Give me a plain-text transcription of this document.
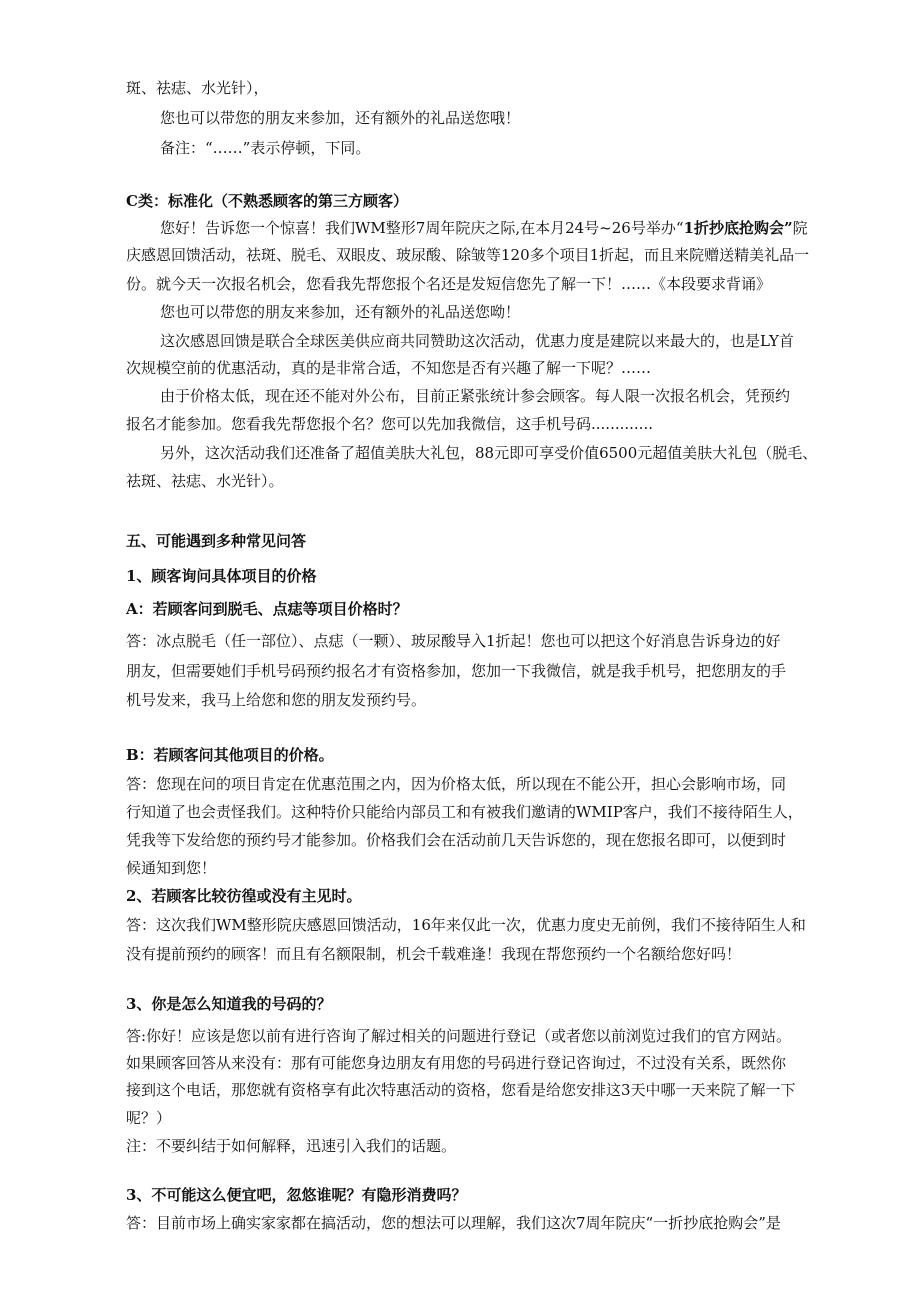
斑、祛痣、水光针），
您也可以带您的朋友来参加，还有额外的礼品送您哦！
备注：“……”表示停顿，下同。
C类：标准化（不熟悉顾客的第三方顾客）
您好！告诉您一个惊喜！我们WM整形7周年院庆之际,在本月24号~26号举办“1折抄底抢购会”院
庆感恩回馈活动，祛斑、脱毛、双眼皮、玻尿酸、除皱等120多个项目1折起，而且来院赠送精美礼品一
份。就今天一次报名机会，您看我先帮您报个名还是发短信您先了解一下！……《本段要求背诵》
您也可以带您的朋友来参加，还有额外的礼品送您呦！
这次感恩回馈是联合全球医美供应商共同赞助这次活动，优惠力度是建院以来最大的，也是LY首
次规模空前的优惠活动，真的是非常合适，不知您是否有兴趣了解一下呢？……
由于价格太低，现在还不能对外公布，目前正紧张统计参会顾客。每人限一次报名机会，凭预约
报名才能参加。您看我先帮您报个名？您可以先加我微信，这手机号码.............
另外，这次活动我们还准备了超值美肤大礼包，88元即可享受价值6500元超值美肤大礼包（脱毛、
祛斑、祛痣、水光针）。
五、可能遇到多种常见问答
1、顾客询问具体项目的价格
A：若顾客问到脱毛、点痣等项目价格时？
答：冰点脱毛（任一部位）、点痣（一颗）、玻尿酸导入1折起！您也可以把这个好消息告诉身边的好
朋友，但需要她们手机号码预约报名才有资格参加，您加一下我微信，就是我手机号，把您朋友的手
机号发来，我马上给您和您的朋友发预约号。
B：若顾客问其他项目的价格。
答：您现在问的项目肯定在优惠范围之内，因为价格太低，所以现在不能公开，担心会影响市场，同
行知道了也会责怪我们。这种特价只能给内部员工和有被我们邀请的WMIP客户，我们不接待陌生人，
凭我等下发给您的预约号才能参加。价格我们会在活动前几天告诉您的，现在您报名即可，以便到时
候通知到您！
2、若顾客比较彷徨或没有主见时。
答：这次我们WM整形院庆感恩回馈活动，16年来仅此一次，优惠力度史无前例，我们不接待陌生人和
没有提前预约的顾客！而且有名额限制，机会千载难逢！我现在帮您预约一个名额给您好吗！
3、你是怎么知道我的号码的？
答:你好！应该是您以前有进行咨询了解过相关的问题进行登记（或者您以前浏览过我们的官方网站。
如果顾客回答从来没有：那有可能您身边朋友有用您的号码进行登记咨询过，不过没有关系，既然你
接到这个电话，那您就有资格享有此次特惠活动的资格，您看是给您安排这3天中哪一天来院了解一下
呢？）
注：不要纠结于如何解释，迅速引入我们的话题。
3、不可能这么便宜吧，忽悠谁呢？有隐形消费吗？
答：目前市场上确实家家都在搞活动，您的想法可以理解，我们这次7周年院庆“一折抄底抢购会”是
